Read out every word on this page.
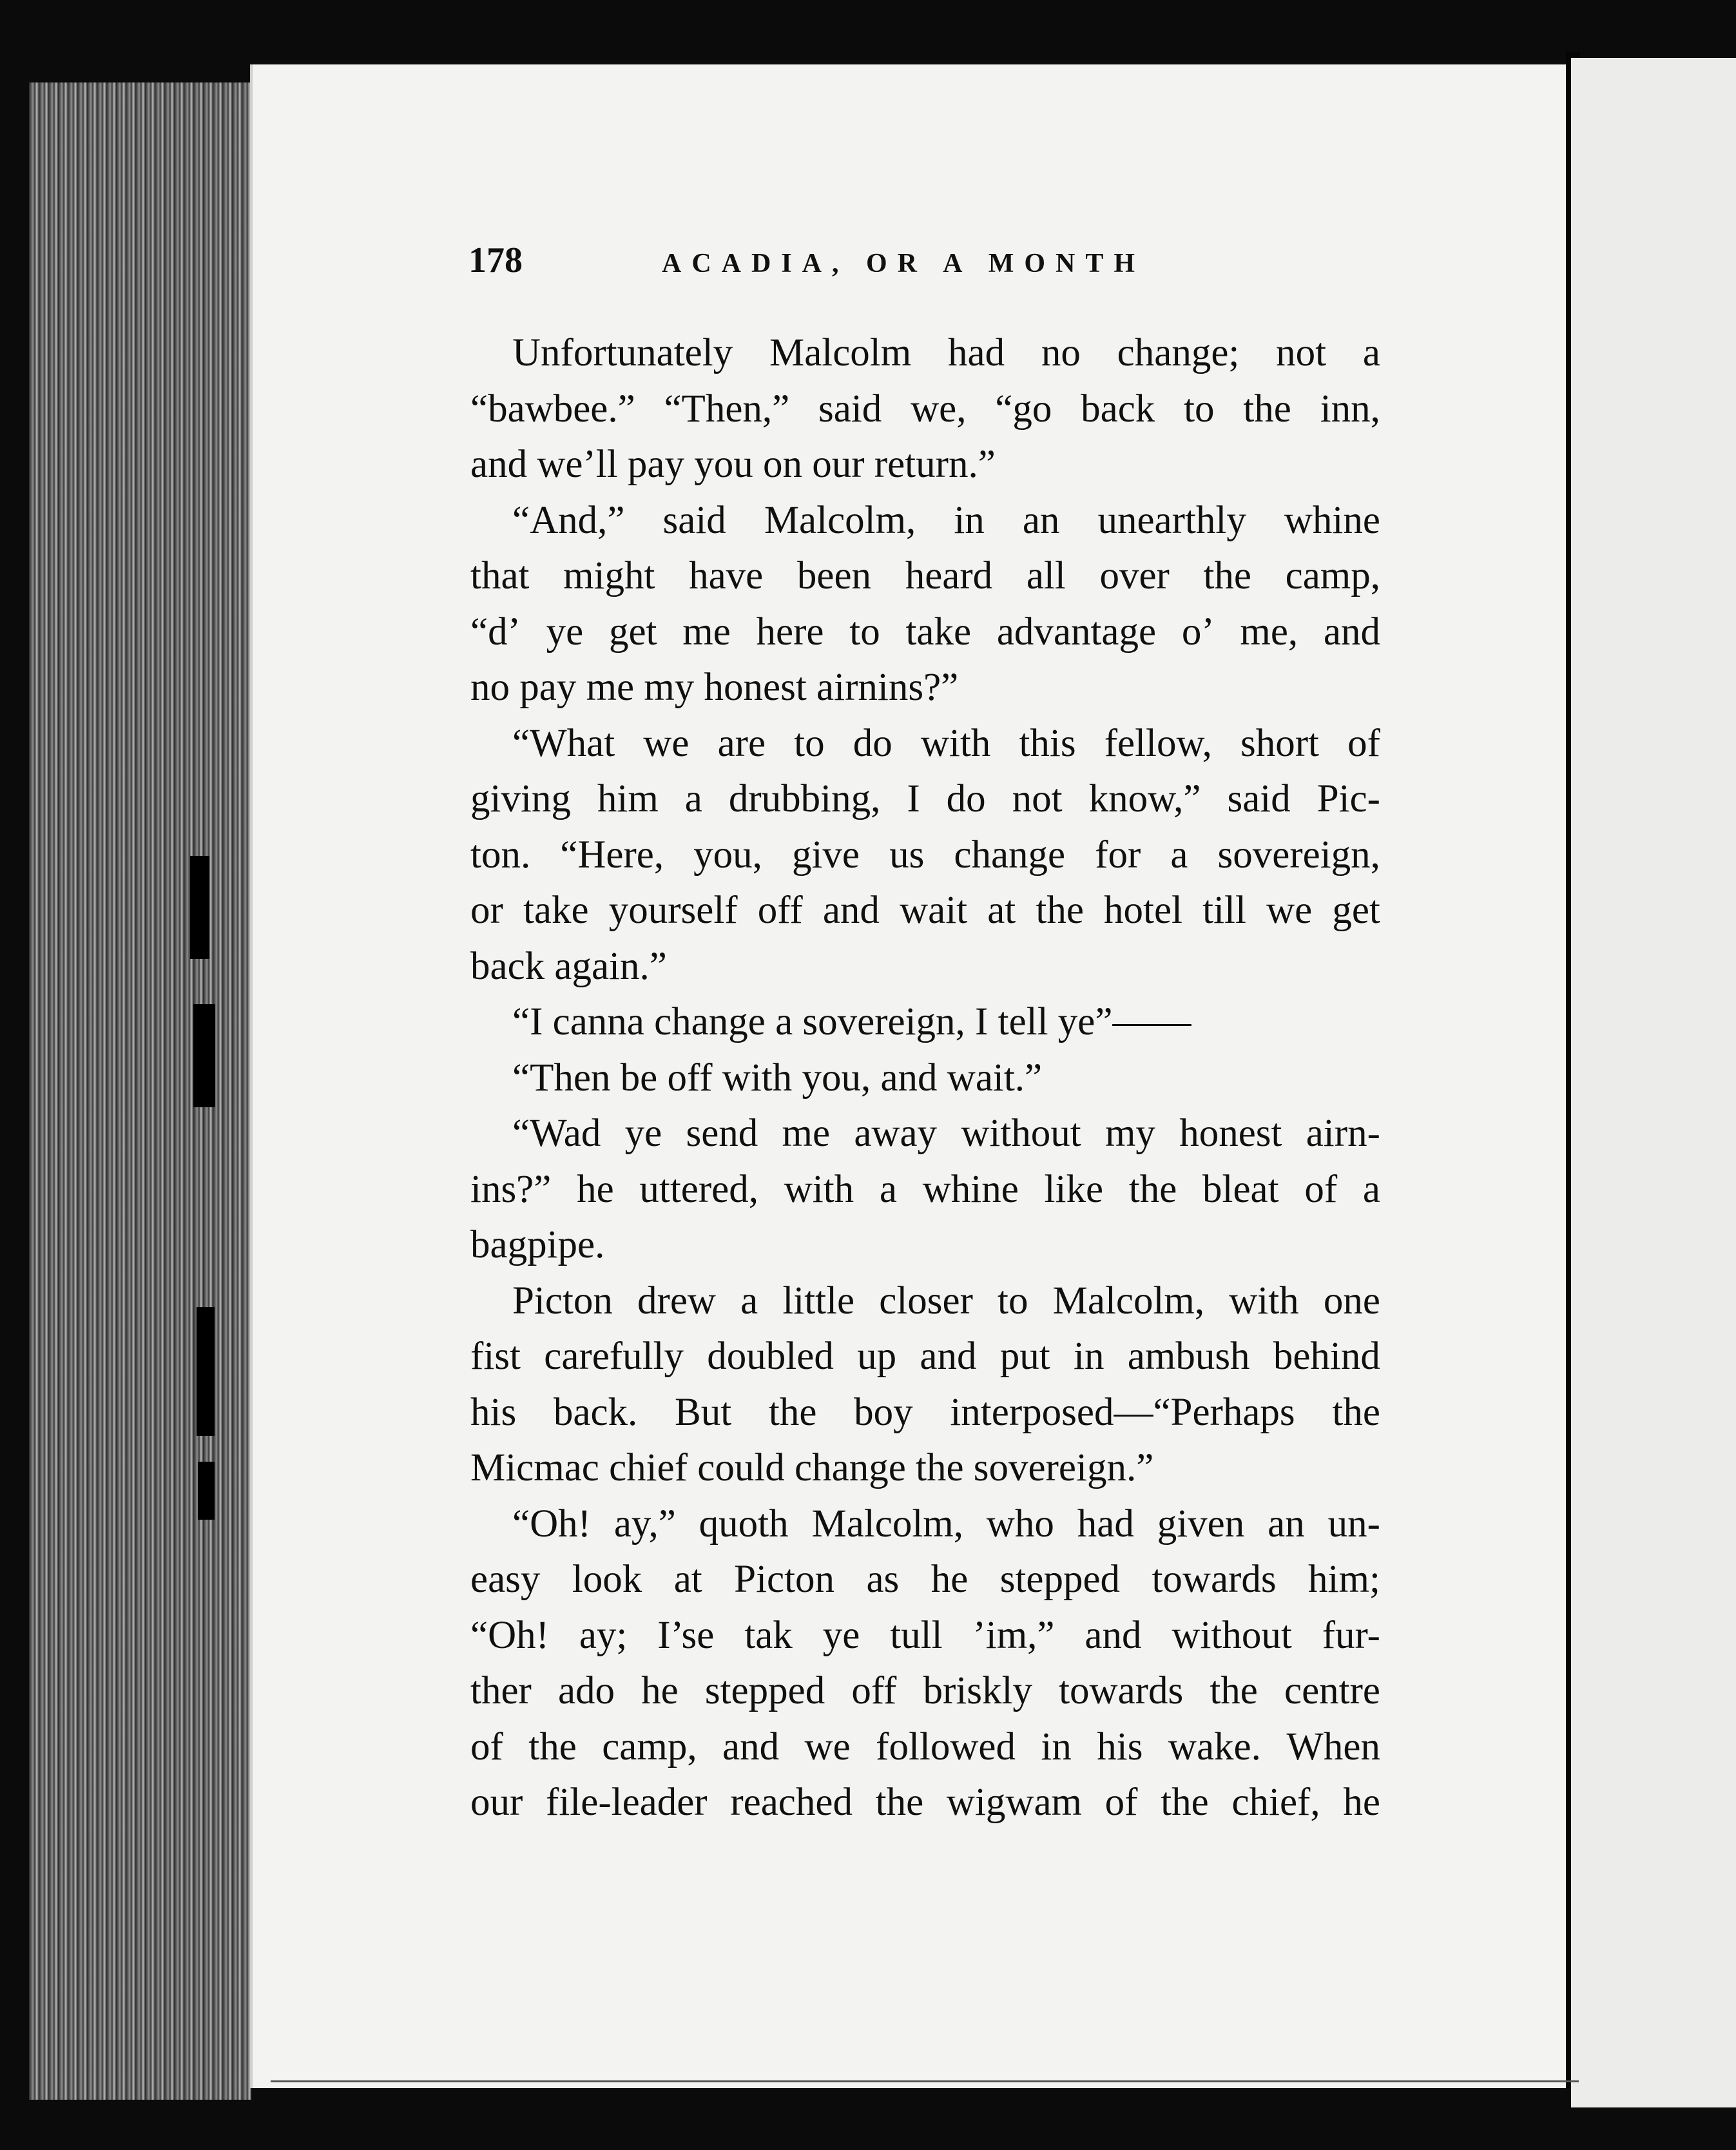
178	ACADIA, OR A MONTH
Unfortunately Malcolm had no change; not a
“bawbee.” “Then,” said we, “go back to the inn,
and we’ll pay you on our return.”
“And,” said Malcolm, in an unearthly whine
that might have been heard all over the camp,
“d’ ye get me here to take advantage o’ me, and
no pay me my honest airnins?”
“What we are to do with this fellow, short of
giving him a drubbing, I do not know,” said Pic-
ton. “Here, you, give us change for a sovereign,
or take yourself off and wait at the hotel till we get
back again.”
“I canna change a sovereign, I tell ye”——
“Then be off with you, and wait.”
“Wad ye send me away without my honest airn-
ins?” he uttered, with a whine like the bleat of a
bagpipe.
Picton drew a little closer to Malcolm, with one
fist carefully doubled up and put in ambush behind
his back. But the boy interposed—“Perhaps the
Micmac chief could change the sovereign.”
“Oh! ay,” quoth Malcolm, who had given an un-
easy look at Picton as he stepped towards him;
“Oh! ay; I’se tak ye tull ’im,” and without fur-
ther ado he stepped off briskly towards the centre
of the camp, and we followed in his wake. When
our file-leader reached the wigwam of the chief, he
